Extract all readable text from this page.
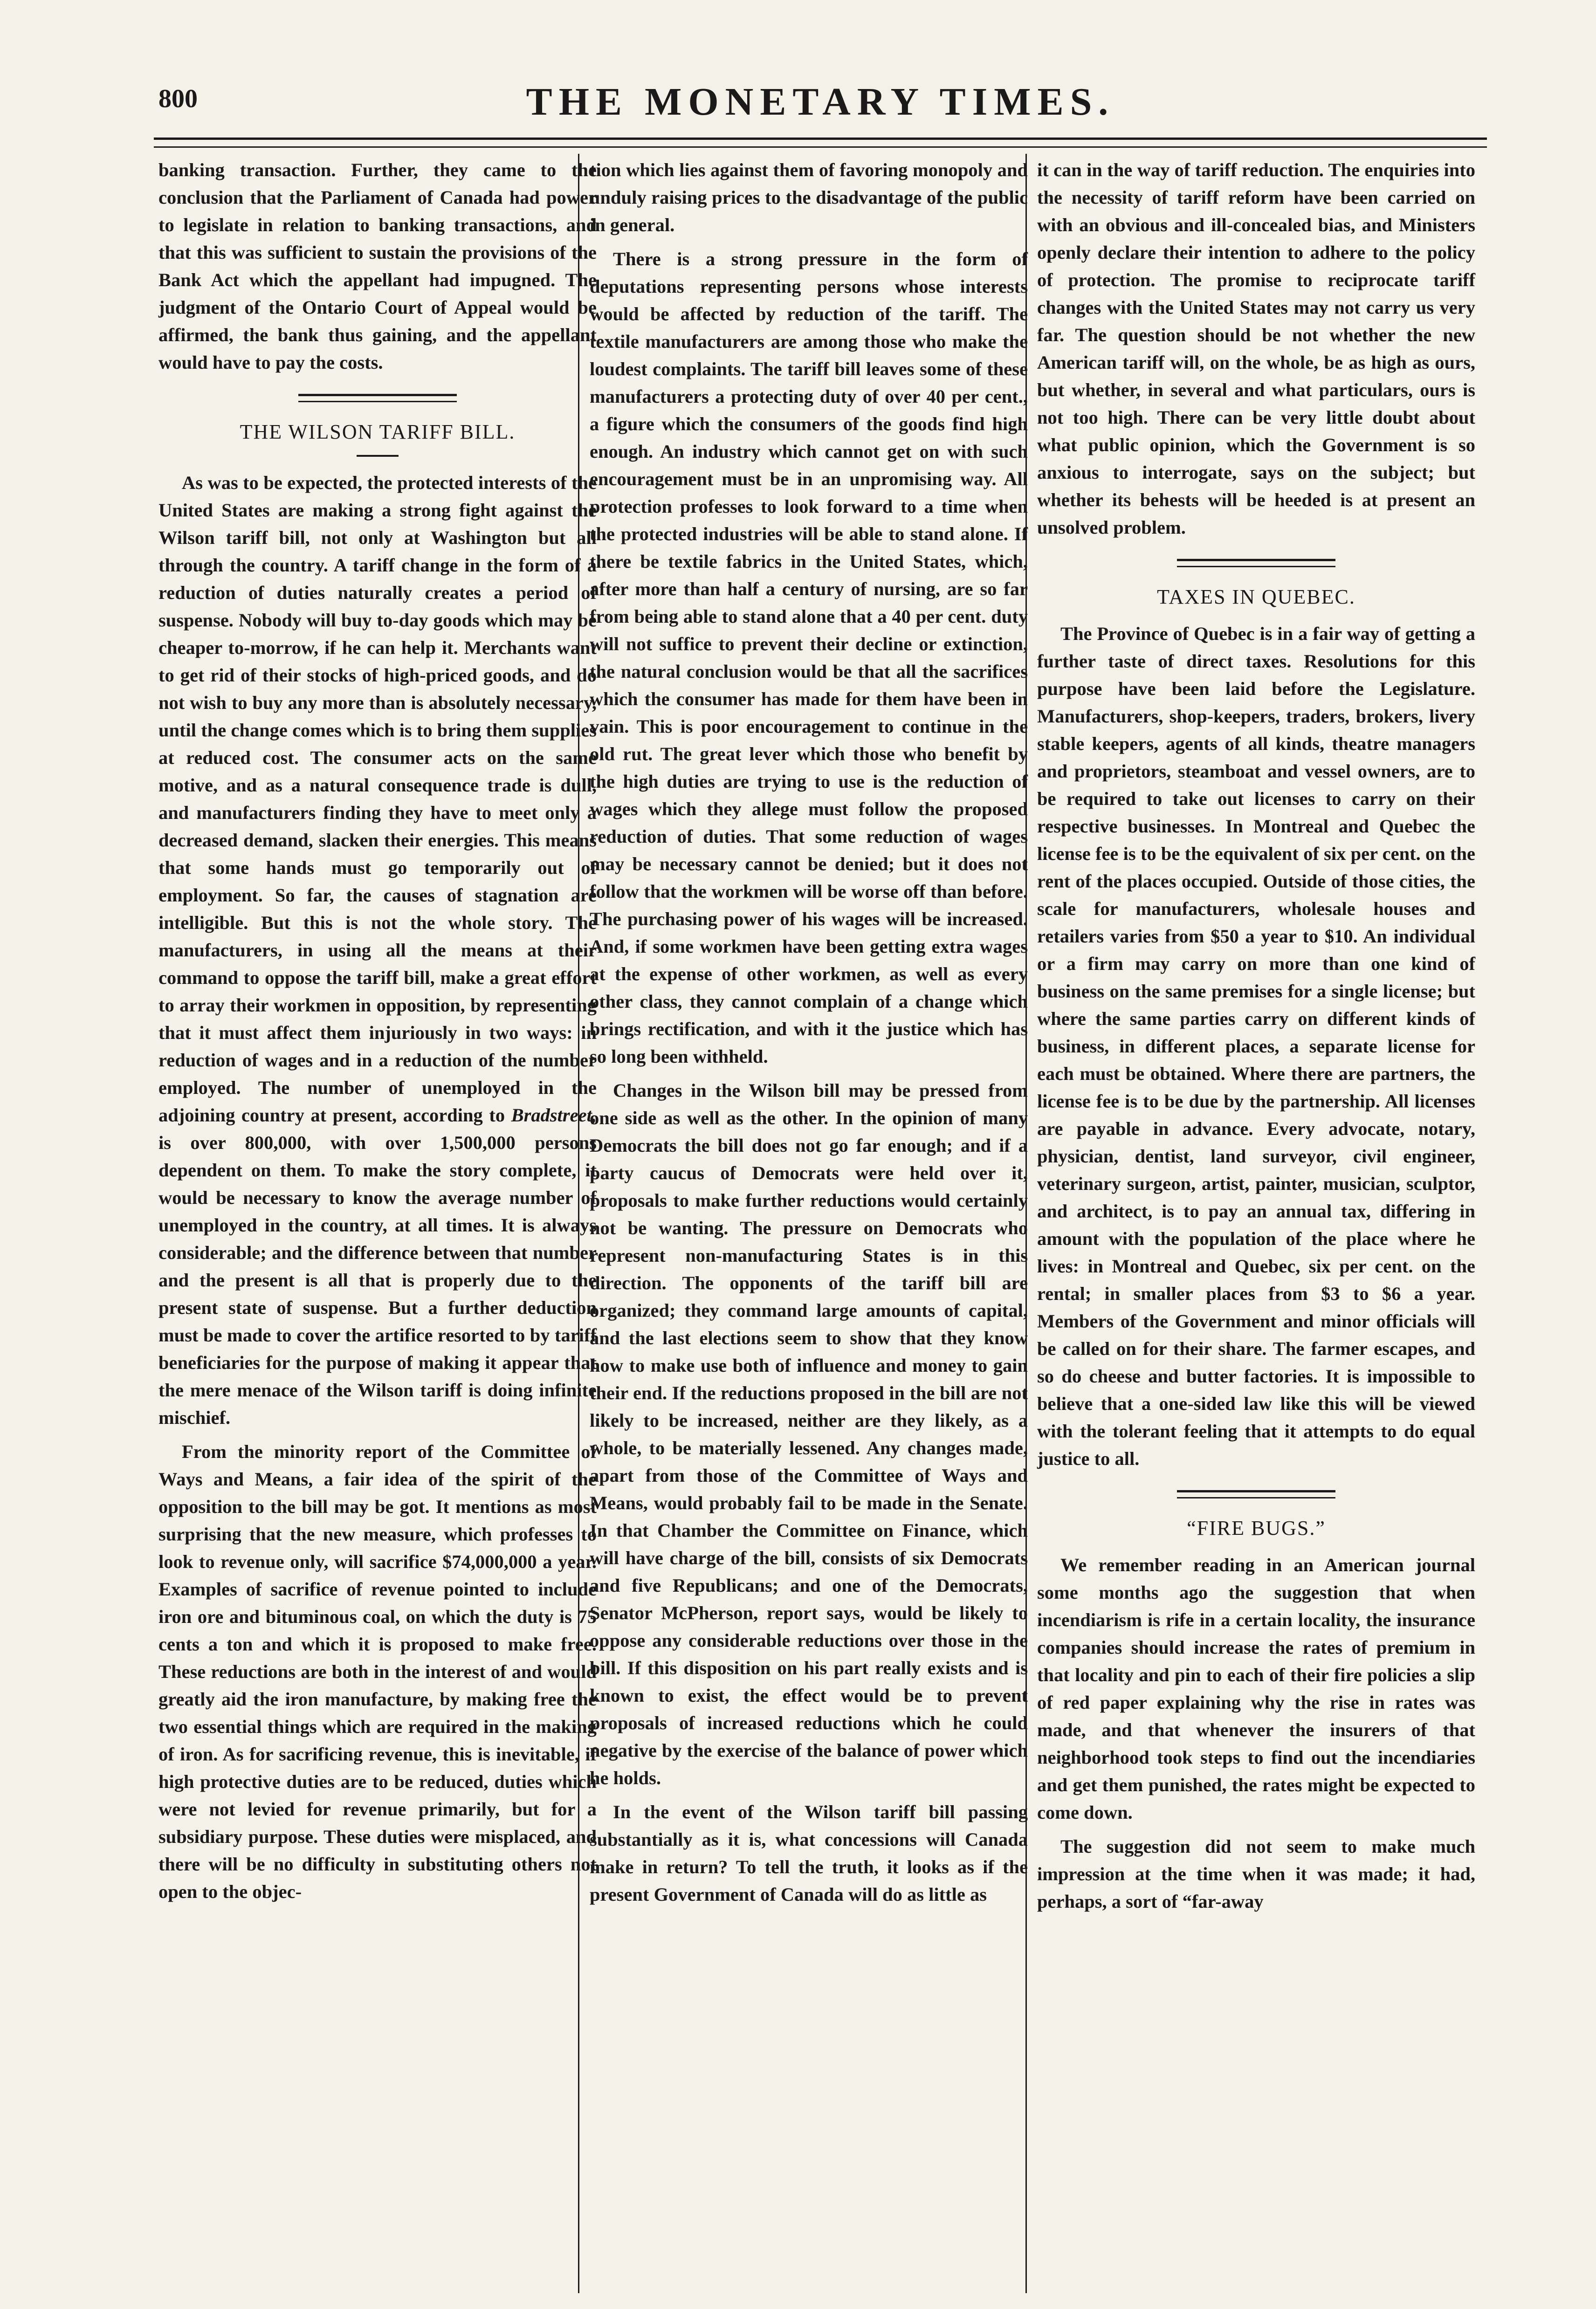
800	THE MONETARY TIMES.

banking transaction. Further, they came to the conclusion that the Parliament of Canada had power to legislate in relation to banking transactions, and that this was sufficient to sustain the provisions of the Bank Act which the appellant had impugned. The judgment of the Ontario Court of Appeal would be affirmed, the bank thus gaining, and the appellant would have to pay the costs.

THE WILSON TARIFF BILL.

As was to be expected, the protected interests of the United States are making a strong fight against the Wilson tariff bill, not only at Washington but all through the country. A tariff change in the form of a reduction of duties naturally creates a period of suspense. Nobody will buy to-day goods which may be cheaper to-morrow, if he can help it. Merchants want to get rid of their stocks of high-priced goods, and do not wish to buy any more than is absolutely necessary, until the change comes which is to bring them supplies at reduced cost. The consumer acts on the same motive, and as a natural consequence trade is dull, and manufacturers finding they have to meet only a decreased demand, slacken their energies. This means that some hands must go temporarily out of employment. So far, the causes of stagnation are intelligible. But this is not the whole story. The manufacturers, in using all the means at their command to oppose the tariff bill, make a great effort to array their workmen in opposition, by representing that it must affect them injuriously in two ways: in reduction of wages and in a reduction of the number employed. The number of unemployed in the adjoining country at present, according to Bradstreet, is over 800,000, with over 1,500,000 persons dependent on them. To make the story complete, it would be necessary to know the average number of unemployed in the country, at all times. It is always considerable; and the difference between that number and the present is all that is properly due to the present state of suspense. But a further deduction must be made to cover the artifice resorted to by tariff beneficiaries for the purpose of making it appear that the mere menace of the Wilson tariff is doing infinite mischief.

From the minority report of the Committee of Ways and Means, a fair idea of the spirit of the opposition to the bill may be got. It mentions as most surprising that the new measure, which professes to look to revenue only, will sacrifice $74,000,000 a year. Examples of sacrifice of revenue pointed to include iron ore and bituminous coal, on which the duty is 75 cents a ton and which it is proposed to make free. These reductions are both in the interest of and would greatly aid the iron manufacture, by making free the two essential things which are required in the making of iron. As for sacrificing revenue, this is inevitable, if high protective duties are to be reduced, duties which were not levied for revenue primarily, but for a subsidiary purpose. These duties were misplaced, and there will be no difficulty in substituting others not open to the objec-

tion which lies against them of favoring monopoly and unduly raising prices to the disadvantage of the public in general.

There is a strong pressure in the form of deputations representing persons whose interests would be affected by reduction of the tariff. The textile manufacturers are among those who make the loudest complaints. The tariff bill leaves some of these manufacturers a protecting duty of over 40 per cent., a figure which the consumers of the goods find high enough. An industry which cannot get on with such encouragement must be in an unpromising way. All protection professes to look forward to a time when the protected industries will be able to stand alone. If there be textile fabrics in the United States, which, after more than half a century of nursing, are so far from being able to stand alone that a 40 per cent. duty will not suffice to prevent their decline or extinction, the natural conclusion would be that all the sacrifices which the consumer has made for them have been in vain. This is poor encouragement to continue in the old rut. The great lever which those who benefit by the high duties are trying to use is the reduction of wages which they allege must follow the proposed reduction of duties. That some reduction of wages may be necessary cannot be denied; but it does not follow that the workmen will be worse off than before. The purchasing power of his wages will be increased. And, if some workmen have been getting extra wages at the expense of other workmen, as well as every other class, they cannot complain of a change which brings rectification, and with it the justice which has so long been withheld.

Changes in the Wilson bill may be pressed from one side as well as the other. In the opinion of many Democrats the bill does not go far enough; and if a party caucus of Democrats were held over it, proposals to make further reductions would certainly not be wanting. The pressure on Democrats who represent non-manufacturing States is in this direction. The opponents of the tariff bill are organized; they command large amounts of capital, and the last elections seem to show that they know how to make use both of influence and money to gain their end. If the reductions proposed in the bill are not likely to be increased, neither are they likely, as a whole, to be materially lessened. Any changes made, apart from those of the Committee of Ways and Means, would probably fail to be made in the Senate. In that Chamber the Committee on Finance, which will have charge of the bill, consists of six Democrats and five Republicans; and one of the Democrats, Senator McPherson, report says, would be likely to oppose any considerable reductions over those in the bill. If this disposition on his part really exists and is known to exist, the effect would be to prevent proposals of increased reductions which he could negative by the exercise of the balance of power which he holds.

In the event of the Wilson tariff bill passing substantially as it is, what concessions will Canada make in return? To tell the truth, it looks as if the present Government of Canada will do as little as

it can in the way of tariff reduction. The enquiries into the necessity of tariff reform have been carried on with an obvious and ill-concealed bias, and Ministers openly declare their intention to adhere to the policy of protection. The promise to reciprocate tariff changes with the United States may not carry us very far. The question should be not whether the new American tariff will, on the whole, be as high as ours, but whether, in several and what particulars, ours is not too high. There can be very little doubt about what public opinion, which the Government is so anxious to interrogate, says on the subject; but whether its behests will be heeded is at present an unsolved problem.

TAXES IN QUEBEC.

The Province of Quebec is in a fair way of getting a further taste of direct taxes. Resolutions for this purpose have been laid before the Legislature. Manufacturers, shop-keepers, traders, brokers, livery stable keepers, agents of all kinds, theatre managers and proprietors, steamboat and vessel owners, are to be required to take out licenses to carry on their respective businesses. In Montreal and Quebec the license fee is to be the equivalent of six per cent. on the rent of the places occupied. Outside of those cities, the scale for manufacturers, wholesale houses and retailers varies from $50 a year to $10. An individual or a firm may carry on more than one kind of business on the same premises for a single license; but where the same parties carry on different kinds of business, in different places, a separate license for each must be obtained. Where there are partners, the license fee is to be due by the partnership. All licenses are payable in advance. Every advocate, notary, physician, dentist, land surveyor, civil engineer, veterinary surgeon, artist, painter, musician, sculptor, and architect, is to pay an annual tax, differing in amount with the population of the place where he lives: in Montreal and Quebec, six per cent. on the rental; in smaller places from $3 to $6 a year. Members of the Government and minor officials will be called on for their share. The farmer escapes, and so do cheese and butter factories. It is impossible to believe that a one-sided law like this will be viewed with the tolerant feeling that it attempts to do equal justice to all.

“FIRE BUGS.”

We remember reading in an American journal some months ago the suggestion that when incendiarism is rife in a certain locality, the insurance companies should increase the rates of premium in that locality and pin to each of their fire policies a slip of red paper explaining why the rise in rates was made, and that whenever the insurers of that neighborhood took steps to find out the incendiaries and get them punished, the rates might be expected to come down.

The suggestion did not seem to make much impression at the time when it was made; it had, perhaps, a sort of “far-away
